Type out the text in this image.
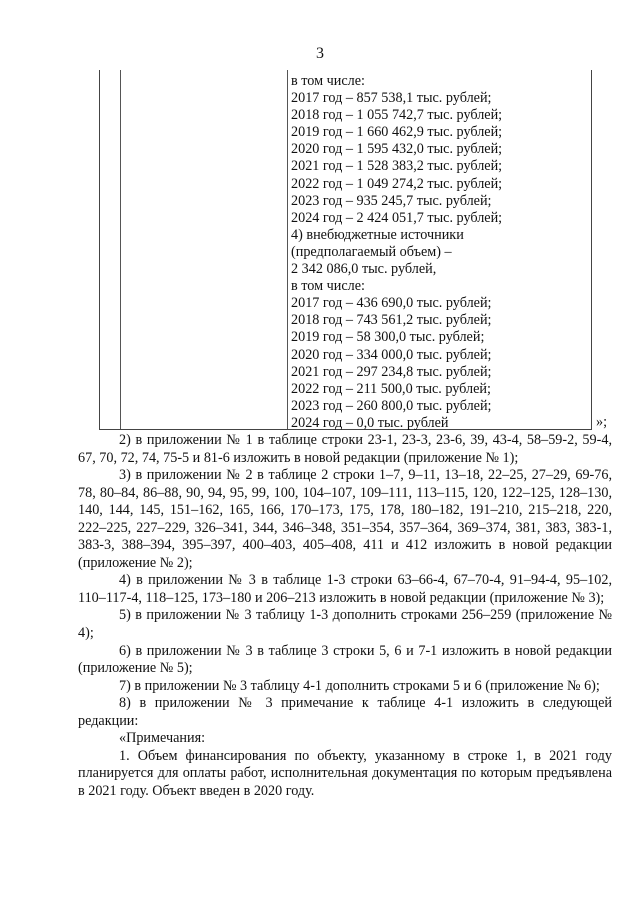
3
в том числе:
2017 год – 857 538,1 тыс. рублей;
2018 год – 1 055 742,7 тыс. рублей;
2019 год – 1 660 462,9 тыс. рублей;
2020 год – 1 595 432,0 тыс. рублей;
2021 год – 1 528 383,2 тыс. рублей;
2022 год – 1 049 274,2 тыс. рублей;
2023 год – 935 245,7 тыс. рублей;
2024 год – 2 424 051,7 тыс. рублей;
4) внебюджетные источники
(предполагаемый объем) –
2 342 086,0 тыс. рублей,
в том числе:
2017 год – 436 690,0 тыс. рублей;
2018 год – 743 561,2 тыс. рублей;
2019 год – 58 300,0 тыс. рублей;
2020 год – 334 000,0 тыс. рублей;
2021 год – 297 234,8 тыс. рублей;
2022 год – 211 500,0 тыс. рублей;
2023 год – 260 800,0 тыс. рублей;
2024 год – 0,0 тыс. рублей	»;

2) в приложении № 1 в таблице строки 23-1, 23-3, 23-6, 39, 43-4, 58–59-2, 59-4, 67, 70, 72, 74, 75-5 и 81-6 изложить в новой редакции (приложение № 1);

3) в приложении № 2 в таблице 2 строки 1–7, 9–11, 13–18, 22–25, 27–29, 69-76, 78, 80–84, 86–88, 90, 94, 95, 99, 100, 104–107, 109–111, 113–115, 120, 122–125, 128–130, 140, 144, 145, 151–162, 165, 166, 170–173, 175, 178, 180–182, 191–210, 215–218, 220, 222–225, 227–229, 326–341, 344, 346–348, 351–354, 357–364, 369–374, 381, 383, 383-1, 383-3, 388–394, 395–397, 400–403, 405–408, 411 и 412 изложить в новой редакции (приложение № 2);

4) в приложении № 3 в таблице 1-3 строки 63–66-4, 67–70-4, 91–94-4, 95–102, 110–117-4, 118–125, 173–180 и 206–213 изложить в новой редакции (приложение № 3);

5) в приложении № 3 таблицу 1-3 дополнить строками 256–259 (приложение № 4);

6) в приложении № 3 в таблице 3 строки 5, 6 и 7-1 изложить в новой редакции (приложение № 5);

7) в приложении № 3 таблицу 4-1 дополнить строками 5 и 6 (приложение № 6);

8) в приложении № 3 примечание к таблице 4-1 изложить в следующей редакции:

«Примечания:

1. Объем финансирования по объекту, указанному в строке 1, в 2021 году планируется для оплаты работ, исполнительная документация по которым предъявлена в 2021 году. Объект введен в 2020 году.
